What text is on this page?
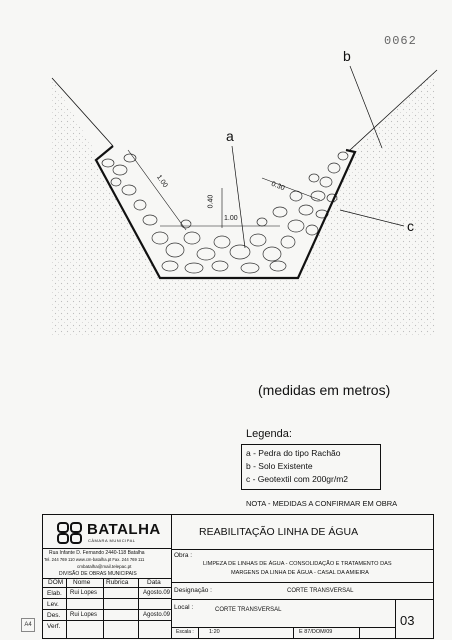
0062
a
b
c
1.00
0.40
1.00
0.30
(medidas em metros)
Legenda:
a - Pedra do tipo Rachão
b - Solo Existente
c - Geotextil com 200gr/m2
NOTA - MEDIDAS A CONFIRMAR EM OBRA
BATALHA
CÂMARA MUNICIPAL
Rua Infante D. Fernando 2440-118 Batalha
Tel. 244 769 110 www.cm-batalha.pt Fax. 244 769 111
cmbatalha@mail.telepac.pt
DIVISÃO DE OBRAS MUNICIPAIS
DOM Nome Rubrica	Data
Elab. Rui Lopes	Agosto.09
Lev.
Des. Rui Lopes	Agosto.09
Verf.
REABILITAÇÃO LINHA DE ÁGUA
Obra :
LIMPEZA DE LINHAS DE ÁGUA - CONSOLIDAÇÃO E TRATAMENTO DAS
MARGENS DA LINHA DE ÁGUA - CASAL DA AMIEIRA
Designação :	CORTE TRANSVERSAL
Local :	CORTE TRANSVERSAL
Escala :	1:20	E 87/DOM/09
03
A4
